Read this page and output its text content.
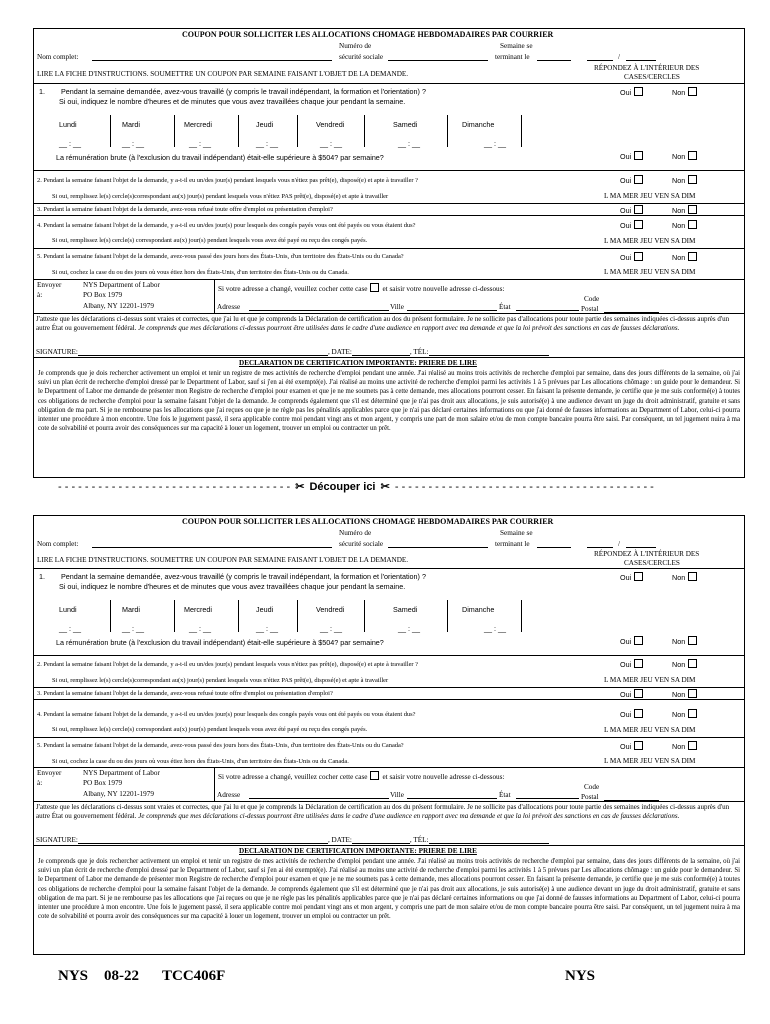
COUPON POUR SOLLICITER LES ALLOCATIONS CHOMAGE HEBDOMADAIRES PAR COURRIER
Numéro de	Semaine se
Nom complet:	sécurité sociale	terminant le	/
LIRE LA FICHE D'INSTRUCTIONS. SOUMETTRE UN COUPON PAR SEMAINE FAISANT L'OBJET DE LA DEMANDE.
RÉPONDEZ À L'INTÉRIEUR DES
CASES/CERCLES
1. Pendant la semaine demandée, avez-vous travaillé (y compris le travail indépendant, la formation et l'orientation) ?
Si oui, indiquez le nombre d'heures et de minutes que vous avez travaillées chaque jour pendant la semaine.
Oui	Non
Lundi	Mardi	Mercredi	Jeudi	Vendredi	Samedi	Dimanche
__ : __	__ : __	__ : __	__ : __	__ : __	__ : __	__ : __
La rémunération brute (à l'exclusion du travail indépendant) était-elle supérieure à $504? par semaine?	Oui	Non
2. Pendant la semaine faisant l'objet de la demande, y a-t-il eu un/des jour(s) pendant lesquels vous n'étiez pas prêt(e), disposé(e) et apte à travailler ?	Oui	Non
Si oui, remplissez le(s) cercle(s)correspondant au(x) jour(s) pendant lesquels vous n'étiez PAS prêt(e), disposé(e) et apte à travailler	L MA MER JEU VEN SA DIM
3. Pendant la semaine faisant l'objet de la demande, avez-vous refusé toute offre d'emploi ou présentation d'emploi?	Oui	Non
4. Pendant la semaine faisant l'objet de la demande, y a-t-il eu un/des jour(s) pour lesquels des congés payés vous ont été payés ou vous étaient dus?	Oui	Non
Si oui, remplissez le(s) cercle(s) correspondant au(x) jour(s) pendant lesquels vous avez été payé ou reçu des congés payés.	L MA MER JEU VEN SA DIM
5. Pendant la semaine faisant l'objet de la demande, avez-vous passé des jours hors des États-Unis, d'un territoire des États-Unis ou du Canada?	Oui	Non
Si oui, cochez la case du ou des jours où vous étiez hors des États-Unis, d'un territoire des États-Unis ou du Canada.	L MA MER JEU VEN SA DIM
Envoyer
à:
NYS Department of Labor
PO Box 1979
Albany, NY 12201-1979
Si votre adresse a changé, veuillez cocher cette case et saisir votre nouvelle adresse ci-dessous:
Adresse	Ville	État
Code
Postal
J'atteste que les déclarations ci-dessus sont vraies et correctes, que j'ai lu et que je comprends la Déclaration de certification au dos du présent formulaire. Je ne sollicite pas d'allocations pour toute partie des semaines indiquées ci-dessus auprès d'un autre État ou gouvernement fédéral. Je comprends que mes déclarations ci-dessus pourront être utilisées dans le cadre d'une audience en rapport avec ma demande et que la loi prévoit des sanctions en cas de fausses déclarations.
SIGNATURE:	, DATE:	, TÉL:
DECLARATION DE CERTIFICATION IMPORTANTE: PRIERE DE LIRE
Je comprends que je dois rechercher activement un emploi et tenir un registre de mes activités de recherche d'emploi pendant une année. J'ai réalisé au moins trois activités de recherche d'emploi par semaine, dans des jours différents de la semaine, où j'ai suivi un plan écrit de recherche d'emploi dressé par le Department of Labor, sauf si j'en ai été exempté(e). J'ai réalisé au moins une activité de recherche d'emploi parmi les activités 1 à 5 prévues par Les allocations chômage : un guide pour le demandeur. Si le Department of Labor me demande de présenter mon Registre de recherche d'emploi pour examen et que je ne me soumets pas à cette demande, mes allocations pourront cesser. En faisant la présente demande, je certifie que je me suis conformé(e) à toutes ces obligations de recherche d'emploi pour la semaine faisant l'objet de la demande. Je comprends également que s'il est déterminé que je n'ai pas droit aux allocations, je suis autorisé(e) à une audience devant un juge du droit administratif, gratuite et sans obligation de ma part. Si je ne rembourse pas les allocations que j'ai reçues ou que je ne règle pas les pénalités applicables parce que je n'ai pas déclaré certaines informations ou que j'ai donné de fausses informations au Department of Labor, celui-ci pourra intenter une procédure à mon encontre. Une fois le jugement passé, il sera applicable contre moi pendant vingt ans et mon argent, y compris une part de mon salaire et/ou de mon compte bancaire pourra être saisi. Par conséquent, un tel jugement nuira à ma cote de solvabilité et pourra avoir des conséquences sur ma capacité à louer un logement, trouver un emploi ou contracter un prêt.
- - - - - - - - - - - - - - - - - - - - - - - - - - - - - - - - - - - ✂ Découper ici ✂ - - - - - - - - - - - - - - - - - - - - - - - - - - - - - - - - - - - - - - -
COUPON POUR SOLLICITER LES ALLOCATIONS CHOMAGE HEBDOMADAIRES PAR COURRIER
Numéro de	Semaine se
Nom complet:	sécurité sociale	terminant le	/
LIRE LA FICHE D'INSTRUCTIONS. SOUMETTRE UN COUPON PAR SEMAINE FAISANT L'OBJET DE LA DEMANDE.
RÉPONDEZ À L'INTÉRIEUR DES
CASES/CERCLES
1. Pendant la semaine demandée, avez-vous travaillé (y compris le travail indépendant, la formation et l'orientation) ?
Si oui, indiquez le nombre d'heures et de minutes que vous avez travaillées chaque jour pendant la semaine.
Oui	Non
Lundi	Mardi	Mercredi	Jeudi	Vendredi	Samedi	Dimanche
__ : __	__ : __	__ : __	__ : __	__ : __	__ : __	__ : __
La rémunération brute (à l'exclusion du travail indépendant) était-elle supérieure à $504? par semaine?	Oui	Non
2. Pendant la semaine faisant l'objet de la demande, y a-t-il eu un/des jour(s) pendant lesquels vous n'étiez pas prêt(e), disposé(e) et apte à travailler ?	Oui	Non
Si oui, remplissez le(s) cercle(s)correspondant au(x) jour(s) pendant lesquels vous n'étiez PAS prêt(e), disposé(e) et apte à travailler	L MA MER JEU VEN SA DIM
3. Pendant la semaine faisant l'objet de la demande, avez-vous refusé toute offre d'emploi ou présentation d'emploi?	Oui	Non
4. Pendant la semaine faisant l'objet de la demande, y a-t-il eu un/des jour(s) pour lesquels des congés payés vous ont été payés ou vous étaient dus?	Oui	Non
Si oui, remplissez le(s) cercle(s) correspondant au(x) jour(s) pendant lesquels vous avez été payé ou reçu des congés payés.	L MA MER JEU VEN SA DIM
5. Pendant la semaine faisant l'objet de la demande, avez-vous passé des jours hors des États-Unis, d'un territoire des États-Unis ou du Canada?	Oui	Non
Si oui, cochez la case du ou des jours où vous étiez hors des États-Unis, d'un territoire des États-Unis ou du Canada.	L MA MER JEU VEN SA DIM
Envoyer
à:
NYS Department of Labor
PO Box 1979
Albany, NY 12201-1979
Si votre adresse a changé, veuillez cocher cette case et saisir votre nouvelle adresse ci-dessous:
Adresse	Ville	État
Code
Postal
J'atteste que les déclarations ci-dessus sont vraies et correctes, que j'ai lu et que je comprends la Déclaration de certification au dos du présent formulaire. Je ne sollicite pas d'allocations pour toute partie des semaines indiquées ci-dessus auprès d'un autre État ou gouvernement fédéral. Je comprends que mes déclarations ci-dessus pourront être utilisées dans le cadre d'une audience en rapport avec ma demande et que la loi prévoit des sanctions en cas de fausses déclarations.
SIGNATURE:	, DATE:	, TÉL:
DECLARATION DE CERTIFICATION IMPORTANTE: PRIERE DE LIRE
Je comprends que je dois rechercher activement un emploi et tenir un registre de mes activités de recherche d'emploi pendant une année. J'ai réalisé au moins trois activités de recherche d'emploi par semaine, dans des jours différents de la semaine, où j'ai suivi un plan écrit de recherche d'emploi dressé par le Department of Labor, sauf si j'en ai été exempté(e). J'ai réalisé au moins une activité de recherche d'emploi parmi les activités 1 à 5 prévues par Les allocations chômage : un guide pour le demandeur. Si le Department of Labor me demande de présenter mon Registre de recherche d'emploi pour examen et que je ne me soumets pas à cette demande, mes allocations pourront cesser. En faisant la présente demande, je certifie que je me suis conformé(e) à toutes ces obligations de recherche d'emploi pour la semaine faisant l'objet de la demande. Je comprends également que s'il est déterminé que je n'ai pas droit aux allocations, je suis autorisé(e) à une audience devant un juge du droit administratif, gratuite et sans obligation de ma part. Si je ne rembourse pas les allocations que j'ai reçues ou que je ne règle pas les pénalités applicables parce que je n'ai pas déclaré certaines informations ou que j'ai donné de fausses informations au Department of Labor, celui-ci pourra intenter une procédure à mon encontre. Une fois le jugement passé, il sera applicable contre moi pendant vingt ans et mon argent, y compris une part de mon salaire et/ou de mon compte bancaire pourra être saisi. Par conséquent, un tel jugement nuira à ma cote de solvabilité et pourra avoir des conséquences sur ma capacité à louer un logement, trouver un emploi ou contracter un prêt.
NYS 08-22 TCC406F	NYS
